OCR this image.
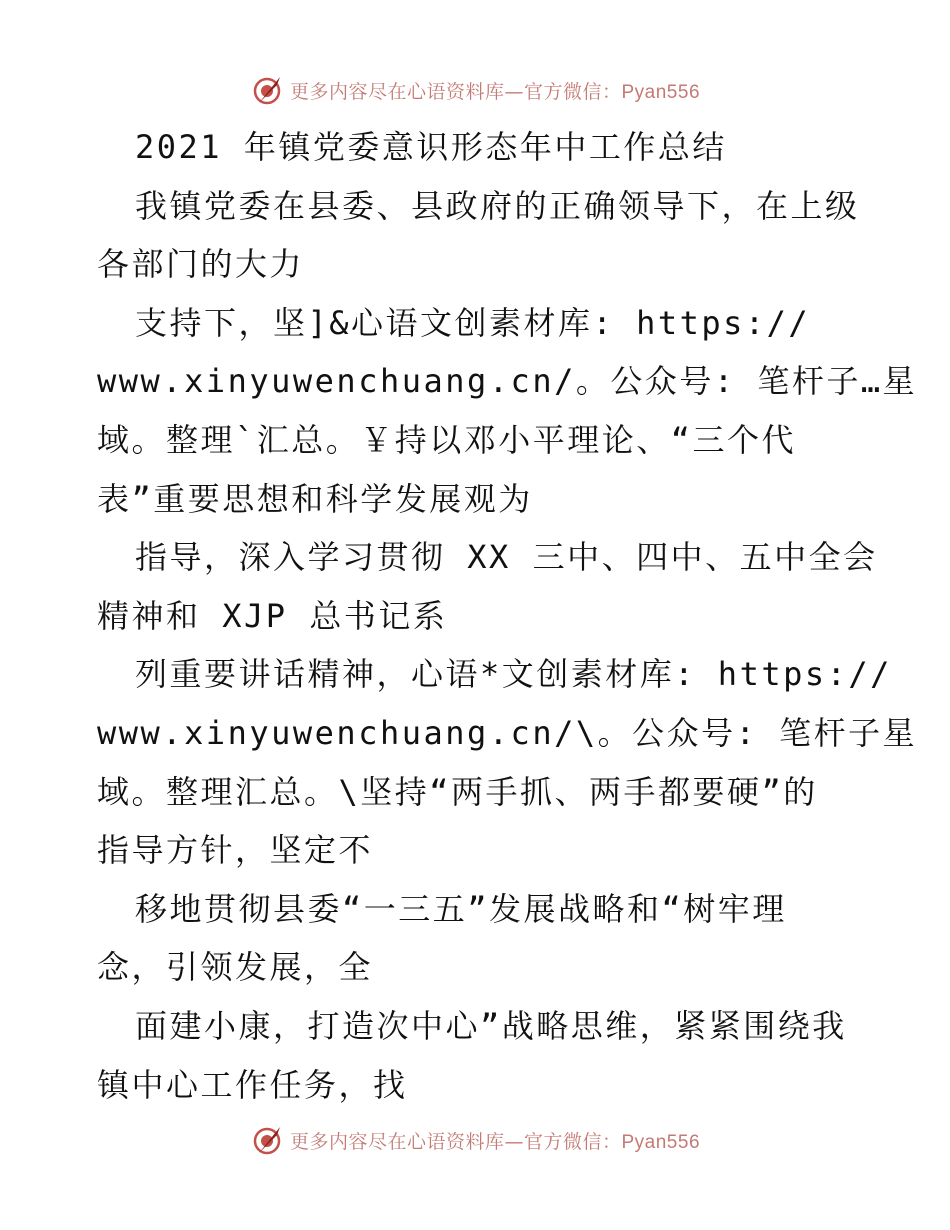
更多内容尽在心语资料库—官方微信：Pyan556
2021 年镇党委意识形态年中工作总结
我镇党委在县委、县政府的正确领导下，在上级
各部门的大力
支持下，坚]&心语文创素材库: https://
www.xinyuwenchuang.cn/。公众号: 笔杆子…星
域。整理`汇总。￥持以邓小平理论、“三个代
表”重要思想和科学发展观为
指导，深入学习贯彻 XX 三中、四中、五中全会
精神和 XJP 总书记系
列重要讲话精神，心语*文创素材库: https://
www.xinyuwenchuang.cn/\。公众号: 笔杆子星
域。整理汇总。\坚持“两手抓、两手都要硬”的
指导方针，坚定不
移地贯彻县委“一三五”发展战略和“树牢理
念，引领发展，全
面建小康，打造次中心”战略思维，紧紧围绕我
镇中心工作任务，找
更多内容尽在心语资料库—官方微信：Pyan556
